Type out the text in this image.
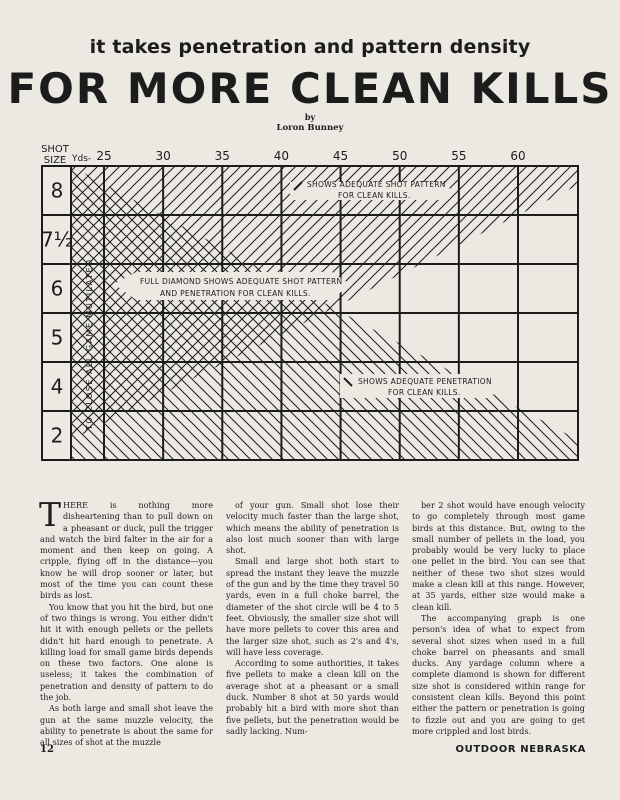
it takes penetration and pattern density
FOR MORE CLEAN KILLS
by
Loron Bunney
SHOT
SIZE Yds- 25	30	35	40	45	50	55	60
8
7½
6
5
4
2
TO CLOSE ALL GAME MUTILATED
SHOWS ADEQUATE SHOT PATTERN
FOR CLEAN KILLS.
FULL DIAMOND SHOWS ADEQUATE SHOT PATTERN
AND PENETRATION FOR CLEAN KILLS.
SHOWS ADEQUATE PENETRATION
FOR CLEAN KILLS.

THERE is nothing more disheartening than to pull down on a pheasant or duck, pull the trigger and watch the bird falter in the air for a moment and then keep on going. A cripple, flying off in the distance—you know he will drop sooner or later, but most of the time you can count these birds as lost.

You know that you hit the bird, but one of two things is wrong. You either didn't hit it with enough pellets or the pellets didn't hit hard enough to penetrate. A killing load for small game birds depends on these two factors. One alone is useless; it takes the combination of penetration and density of pattern to do the job.

As both large and small shot leave the gun at the same muzzle velocity, the ability to penetrate is about the same for all sizes of shot at the muzzle

of your gun. Small shot lose their velocity much faster than the large shot, which means the ability of penetration is also lost much sooner than with large shot.

Small and large shot both start to spread the instant they leave the muzzle of the gun and by the time they travel 50 yards, even in a full choke barrel, the diameter of the shot circle will be 4 to 5 feet. Obviously, the smaller size shot will have more pellets to cover this area and the larger size shot, such as 2's and 4's, will have less coverage.

According to some authorities, it takes five pellets to make a clean kill on the average shot at a pheasant or a small duck. Number 8 shot at 50 yards would probably hit a bird with more shot than five pellets, but the penetration would be sadly lacking. Num-

ber 2 shot would have enough velocity to go completely through most game birds at this distance. But, owing to the small number of pellets in the load, you probably would be very lucky to place one pellet in the bird. You can see that neither of these two shot sizes would make a clean kill at this range. However, at 35 yards, either size would make a clean kill.

The accompanying graph is one person's idea of what to expect from several shot sizes when used in a full choke barrel on pheasants and small ducks. Any yardage column where a complete diamond is shown for different size shot is considered within range for consistent clean kills. Beyond this point either the pattern or penetration is going to fizzle out and you are going to get more crippled and lost birds.

12	OUTDOOR NEBRASKA
